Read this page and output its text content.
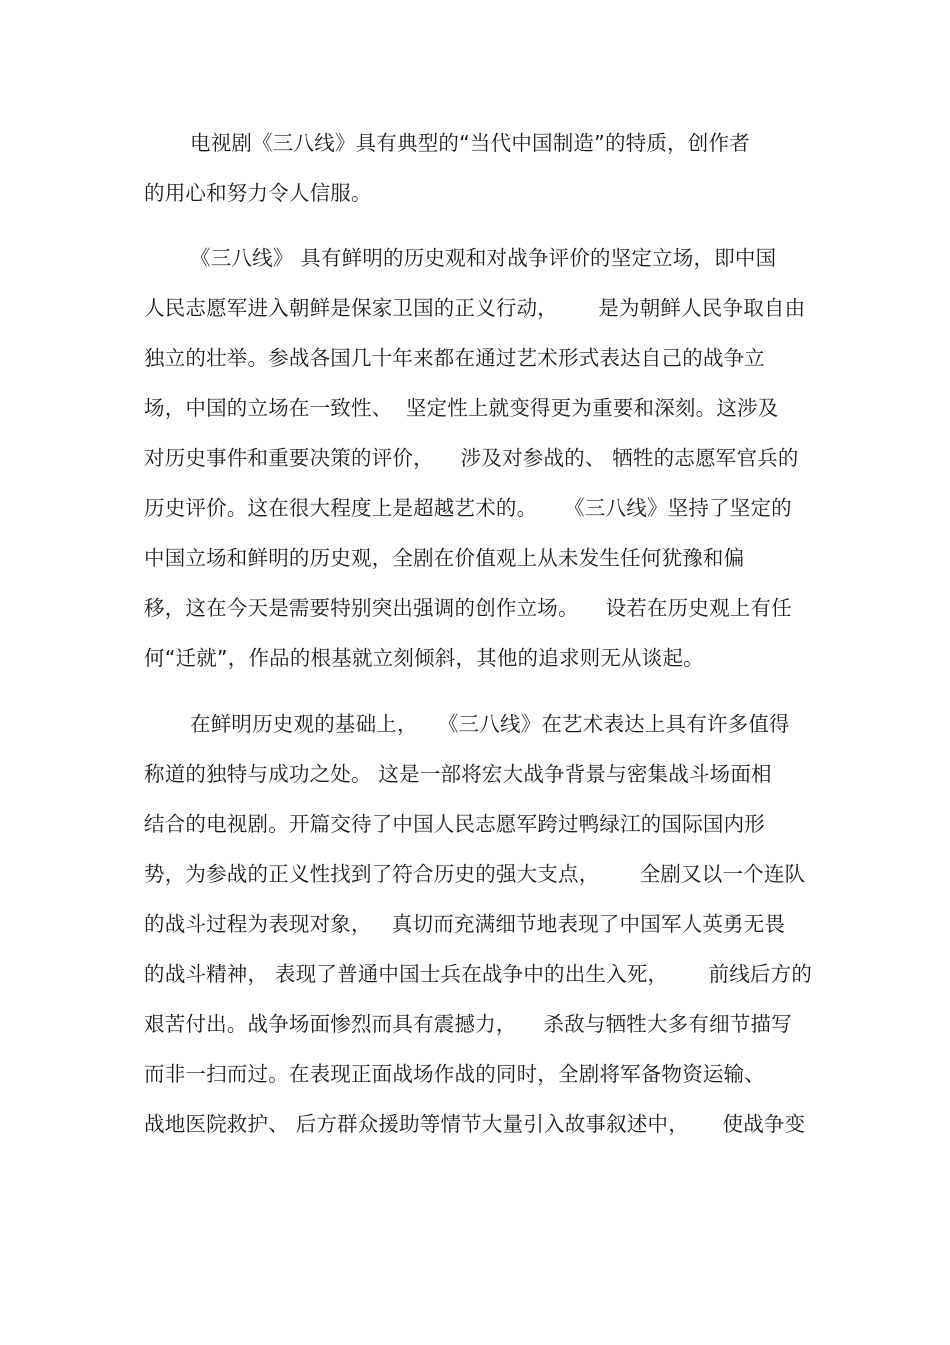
电视剧《三八线》具有典型的“当代中国制造”的特质，创作者
的用心和努力令人信服。
《三八线》 具有鲜明的历史观和对战争评价的坚定立场，即中国
人民志愿军进入朝鲜是保家卫国的正义行动，      是为朝鲜人民争取自由
独立的壮举。参战各国几十年来都在通过艺术形式表达自己的战争立
场，中国的立场在一致性、  坚定性上就变得更为重要和深刻。这涉及
对历史事件和重要决策的评价，    涉及对参战的、 牺牲的志愿军官兵的
历史评价。这在很大程度上是超越艺术的。    《三八线》坚持了坚定的
中国立场和鲜明的历史观，全剧在价值观上从未发生任何犹豫和偏
移，这在今天是需要特别突出强调的创作立场。    设若在历史观上有任
何“迁就”，作品的根基就立刻倾斜，其他的追求则无从谈起。
在鲜明历史观的基础上，   《三八线》在艺术表达上具有许多值得
称道的独特与成功之处。 这是一部将宏大战争背景与密集战斗场面相
结合的电视剧。开篇交待了中国人民志愿军跨过鸭绿江的国际国内形
势，为参战的正义性找到了符合历史的强大支点，      全剧又以一个连队
的战斗过程为表现对象，   真切而充满细节地表现了中国军人英勇无畏
的战斗精神， 表现了普通中国士兵在战争中的出生入死，      前线后方的
艰苦付出。战争场面惨烈而具有震撼力，    杀敌与牺牲大多有细节描写
而非一扫而过。在表现正面战场作战的同时，全剧将军备物资运输、
战地医院救护、 后方群众援助等情节大量引入故事叙述中，     使战争变
